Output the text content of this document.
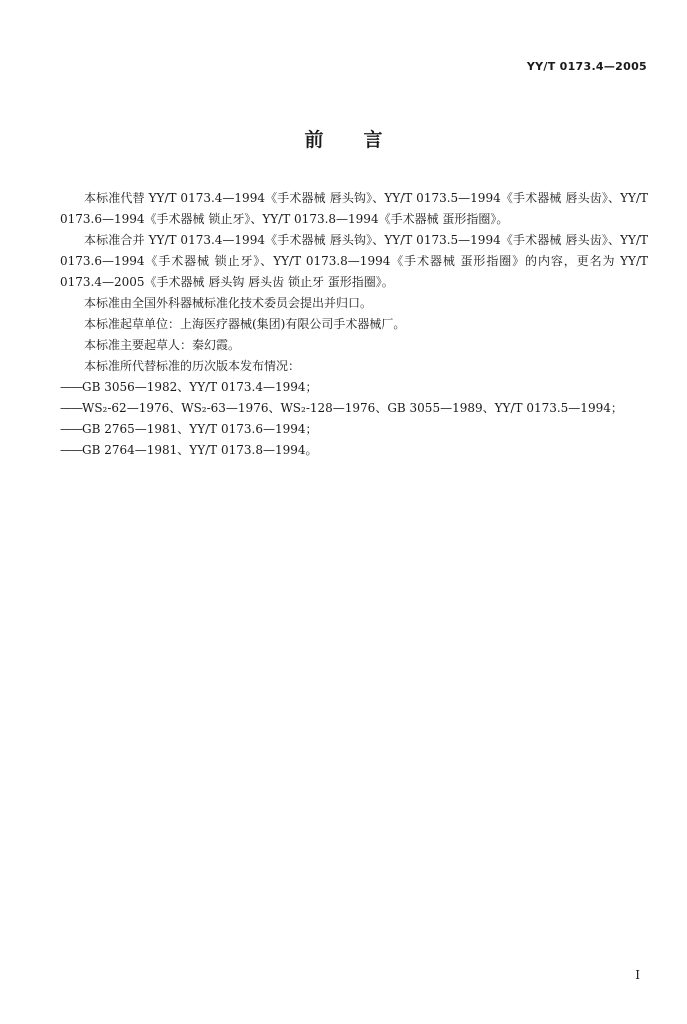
YY/T 0173.4—2005
前言

本标准代替 YY/T 0173.4—1994《手术器械 唇头钩》、YY/T 0173.5—1994《手术器械 唇头齿》、YY/T 0173.6—1994《手术器械 锁止牙》、YY/T 0173.8—1994《手术器械 蛋形指圈》。

本标准合并 YY/T 0173.4—1994《手术器械 唇头钩》、YY/T 0173.5—1994《手术器械 唇头齿》、YY/T 0173.6—1994《手术器械 锁止牙》、YY/T 0173.8—1994《手术器械 蛋形指圈》的内容，更名为 YY/T 0173.4—2005《手术器械 唇头钩 唇头齿 锁止牙 蛋形指圈》。

本标准由全国外科器械标准化技术委员会提出并归口。

本标准起草单位：上海医疗器械(集团)有限公司手术器械厂。

本标准主要起草人：秦幻霞。

本标准所代替标准的历次版本发布情况：

——GB 3056—1982、YY/T 0173.4—1994；

——WS₂-62—1976、WS₂-63—1976、WS₂-128—1976、GB 3055—1989、YY/T 0173.5—1994；

——GB 2765—1981、YY/T 0173.6—1994；

——GB 2764—1981、YY/T 0173.8—1994。

I
